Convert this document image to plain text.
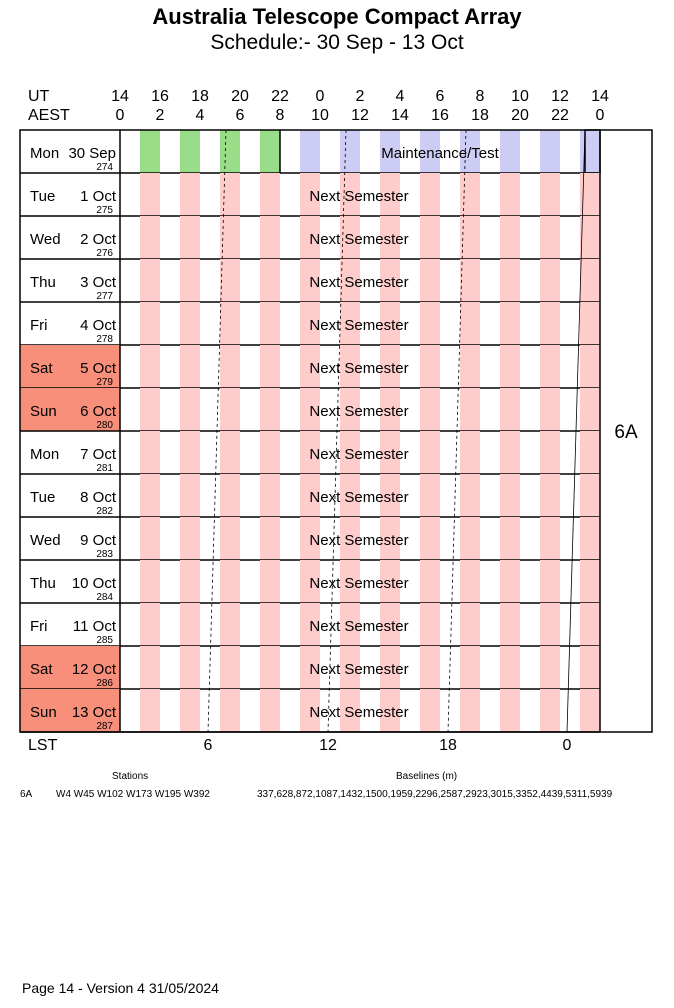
Australia Telescope Compact Array
Schedule:- 30 Sep - 13 Oct
UT
AEST
LST
14	16	18	20	22	0	2	4	6	8	10	12	14
0	2	4	6	8	10	12	14	16	18	20	22	0
6	12	18	0
Mon 30 Sep
274
Maintenance/Test
Tue 1 Oct
275
Next Semester
Wed 2 Oct
276
Next Semester
Thu 3 Oct
277
Next Semester
Fri 4 Oct
278
Next Semester
Sat 5 Oct
279
Next Semester
Sun 6 Oct
280
Next Semester
Mon 7 Oct
281
Next Semester
Tue 8 Oct
282
Next Semester
Wed 9 Oct
283
Next Semester
Thu 10 Oct
284
Next Semester
Fri 11 Oct
285
Next Semester
Sat 12 Oct
286
Next Semester
Sun 13 Oct
287
Next Semester
6A
Stations	Baselines (m)
6A W4 W45 W102 W173 W195 W392	337,628,872,1087,1432,1500,1959,2296,2587,2923,3015,3352,4439,5311,5939
Page 14 - Version 4 31/05/2024
